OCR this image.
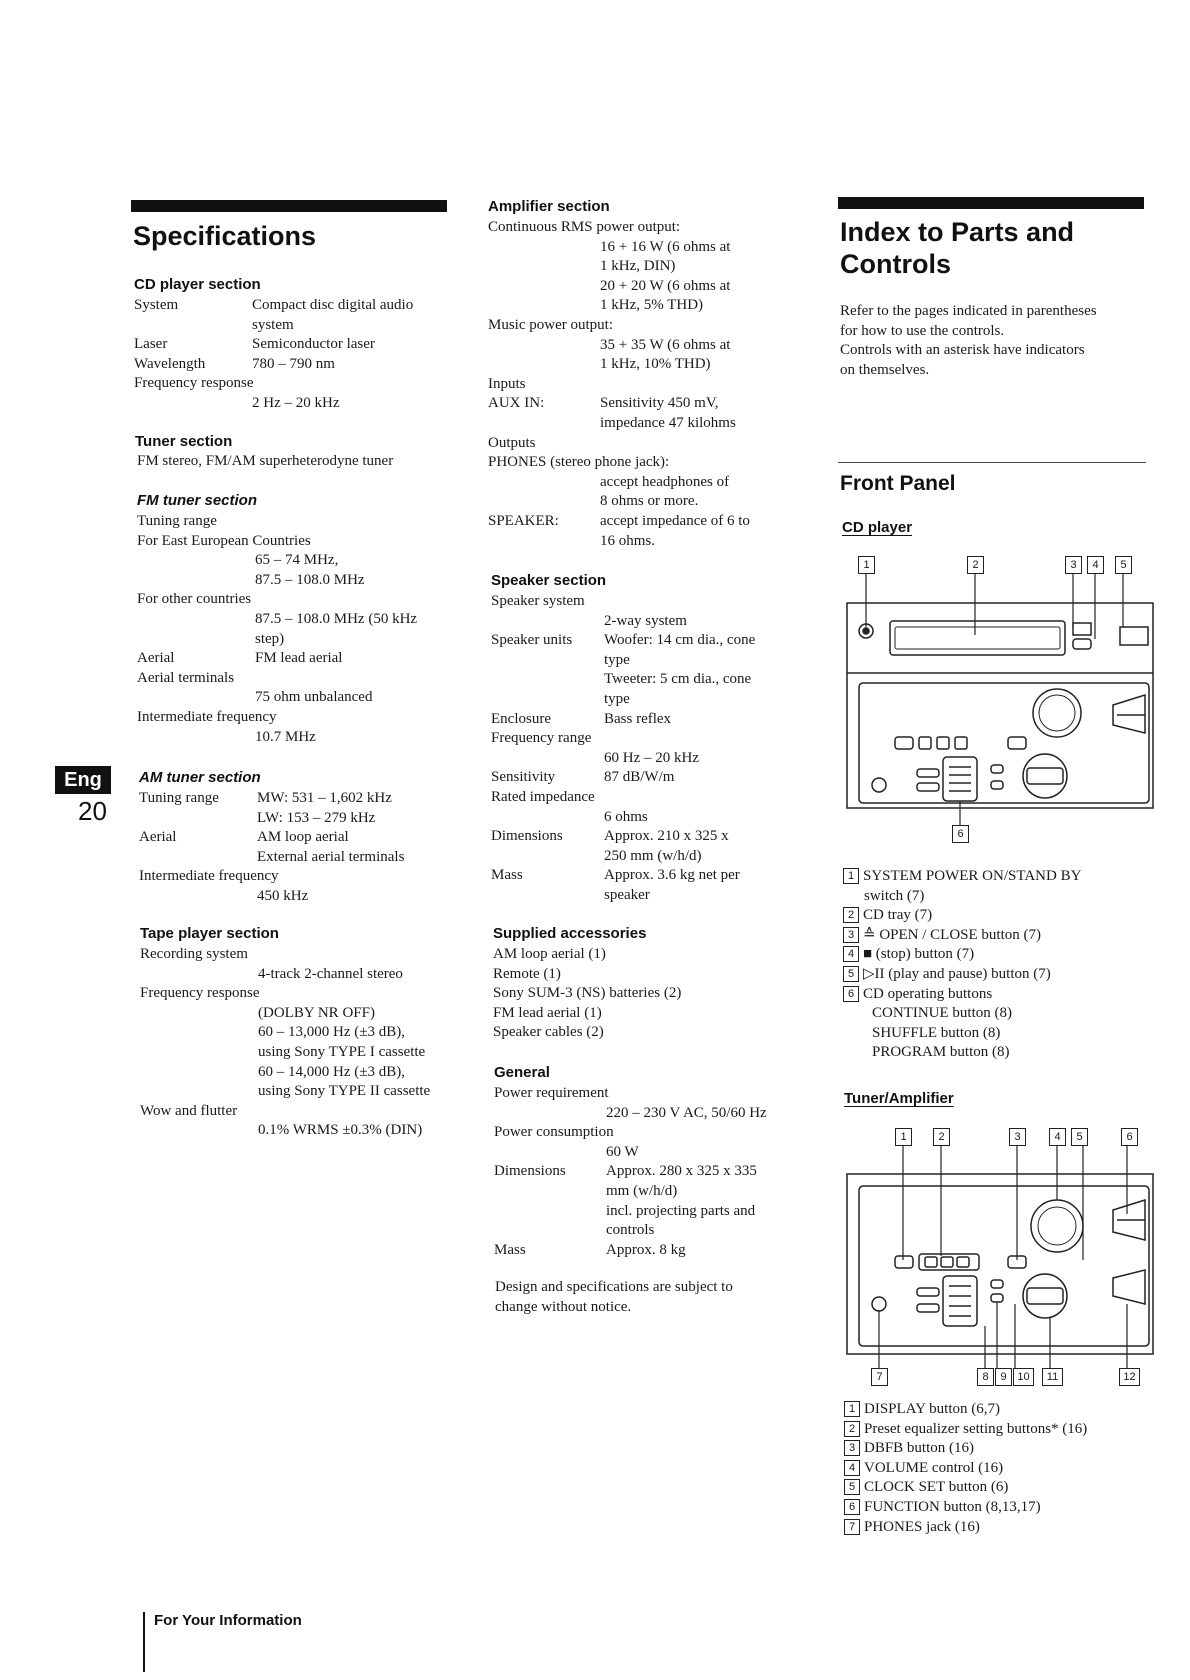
Specifications
CD player section
System	Compact disc digital audio
system
Laser	Semiconductor laser
Wavelength	780 – 790 nm
Frequency response
2 Hz – 20 kHz
Tuner section
FM stereo, FM/AM superheterodyne tuner
FM tuner section
Tuning range
For East European Countries
65 – 74 MHz,
87.5 – 108.0 MHz
For other countries
87.5 – 108.0 MHz (50 kHz
step)
Aerial	FM lead aerial
Aerial terminals
75 ohm unbalanced
Intermediate frequency
10.7 MHz
AM tuner section
Tuning range	MW: 531 – 1,602 kHz
LW: 153 – 279 kHz
Aerial	AM loop aerial
External aerial terminals
Intermediate frequency
450 kHz
Tape player section
Recording system
4-track 2-channel stereo
Frequency response
(DOLBY NR OFF)
60 – 13,000 Hz (±3 dB),
using Sony TYPE I cassette
60 – 14,000 Hz (±3 dB),
using Sony TYPE II cassette
Wow and flutter
0.1% WRMS ±0.3% (DIN)
Amplifier section
Continuous RMS power output:
16 + 16 W (6 ohms at
1 kHz, DIN)
20 + 20 W (6 ohms at
1 kHz, 5% THD)
Music power output:
35 + 35 W (6 ohms at
1 kHz, 10% THD)
Inputs
AUX IN:	Sensitivity 450 mV,
impedance 47 kilohms
Outputs
PHONES (stereo phone jack):
accept headphones of
8 ohms or more.
SPEAKER:	accept impedance of 6 to
16 ohms.
Speaker section
Speaker system
2-way system
Speaker units Woofer: 14 cm dia., cone
type
Tweeter: 5 cm dia., cone
type
Enclosure	Bass reflex
Frequency range
60 Hz – 20 kHz
Sensitivity	87 dB/W/m
Rated impedance
6 ohms
Dimensions	Approx. 210 x 325 x
250 mm (w/h/d)
Mass	Approx. 3.6 kg net per
speaker
Supplied accessories
AM loop aerial (1)
Remote (1)
Sony SUM-3 (NS) batteries (2)
FM lead aerial (1)
Speaker cables (2)
General
Power requirement
220 – 230 V AC, 50/60 Hz
Power consumption
60 W
Dimensions	Approx. 280 x 325 x 335
mm (w/h/d)
incl. projecting parts and
controls
Mass	Approx. 8 kg
Design and specifications are subject to
change without notice.
Index to Parts and
Controls
Refer to the pages indicated in parentheses
for how to use the controls.
Controls with an asterisk have indicators
on themselves.
Front Panel
CD player
1	2	3	4	5
6
1 SYSTEM POWER ON/STAND BY
switch (7)
2 CD tray (7)
3 ≙ OPEN / CLOSE button (7)
4 ■ (stop) button (7)
5 ▷II (play and pause) button (7)
6 CD operating buttons
CONTINUE button (8)
SHUFFLE button (8)
PROGRAM button (8)
Tuner/Amplifier
1	2	3	4	5	6
7	8	9 10	11	12
1 DISPLAY button (6,7)
2 Preset equalizer setting buttons* (16)
3 DBFB button (16)
4 VOLUME control (16)
5 CLOCK SET button (6)
6 FUNCTION button (8,13,17)
7 PHONES jack (16)
Eng
20
For Your Information
